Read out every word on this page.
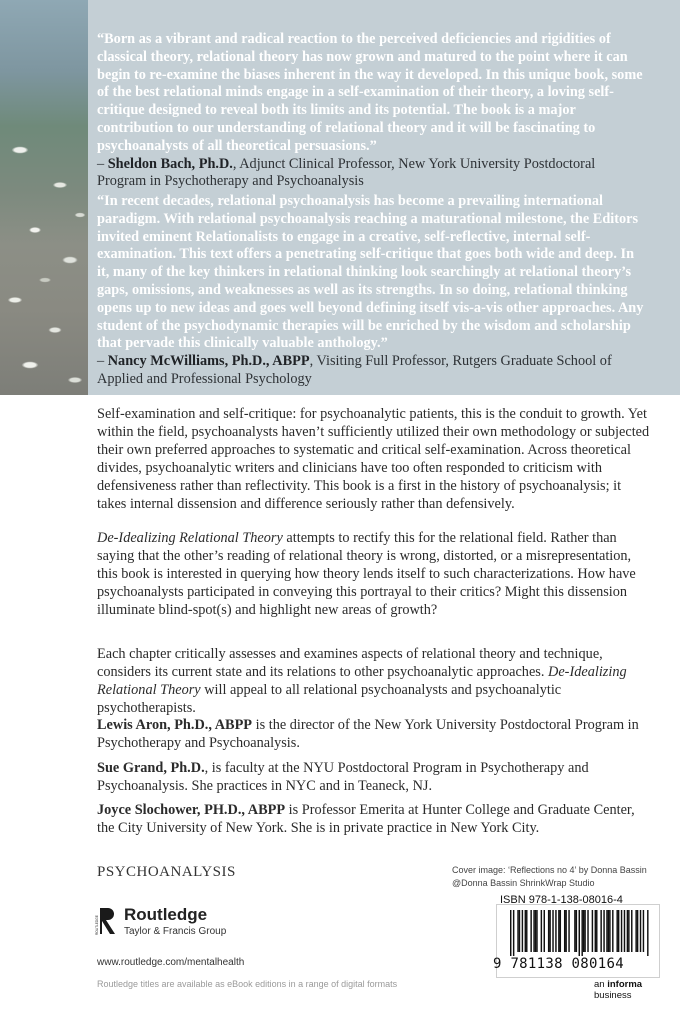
“Born as a vibrant and radical reaction to the perceived deficiencies and rigidities of classical theory, relational theory has now grown and matured to the point where it can begin to re-examine the biases inherent in the way it developed. In this unique book, some of the best relational minds engage in a self-examination of their theory, a loving self-critique designed to reveal both its limits and its potential. The book is a major contribution to our understanding of relational theory and it will be fascinating to psychoanalysts of all theoretical persuasions.”

– Sheldon Bach, Ph.D., Adjunct Clinical Professor, New York University Postdoctoral Program in Psychotherapy and Psychoanalysis

“In recent decades, relational psychoanalysis has become a prevailing international paradigm. With relational psychoanalysis reaching a maturational milestone, the Editors invited eminent Relationalists to engage in a creative, self-reflective, internal self-examination. This text offers a penetrating self-critique that goes both wide and deep. In it, many of the key thinkers in relational thinking look searchingly at relational theory’s gaps, omissions, and weaknesses as well as its strengths. In so doing, relational thinking opens up to new ideas and goes well beyond defining itself vis-a-vis other approaches. Any student of the psychodynamic therapies will be enriched by the wisdom and scholarship that pervade this clinically valuable anthology.”

– Nancy McWilliams, Ph.D., ABPP, Visiting Full Professor, Rutgers Graduate School of Applied and Professional Psychology

Self-examination and self-critique: for psychoanalytic patients, this is the conduit to growth. Yet within the field, psychoanalysts haven’t sufficiently utilized their own methodology or subjected their own preferred approaches to systematic and critical self-examination. Across theoretical divides, psychoanalytic writers and clinicians have too often responded to criticism with defensiveness rather than reflectivity. This book is a first in the history of psychoanalysis; it takes internal dissension and difference seriously rather than defensively.

De-Idealizing Relational Theory attempts to rectify this for the relational field. Rather than saying that the other’s reading of relational theory is wrong, distorted, or a misrepresentation, this book is interested in querying how theory lends itself to such characterizations. How have psychoanalysts participated in conveying this portrayal to their critics? Might this dissension illuminate blind-spot(s) and highlight new areas of growth?

Each chapter critically assesses and examines aspects of relational theory and technique, considers its current state and its relations to other psychoanalytic approaches. De-Idealizing Relational Theory will appeal to all relational psychoanalysts and psychoanalytic psychotherapists.

Lewis Aron, Ph.D., ABPP is the director of the New York University Postdoctoral Program in Psychotherapy and Psychoanalysis.

Sue Grand, Ph.D., is faculty at the NYU Postdoctoral Program in Psychotherapy and Psychoanalysis. She practices in NYC and in Teaneck, NJ.

Joyce Slochower, PH.D., ABPP is Professor Emerita at Hunter College and Graduate Center, the City University of New York. She is in private practice in New York City.

PSYCHOANALYSIS
ROUTLEDGE
Routledge
Taylor & Francis Group
www.routledge.com/mentalhealth
Routledge titles are available as eBook editions in a range of digital formats
Cover image: ‘Reflections no 4’ by Donna Bassin
@Donna Bassin ShrinkWrap Studio
ISBN 978-1-138-08016-4
9 781138 080164
an informa business
